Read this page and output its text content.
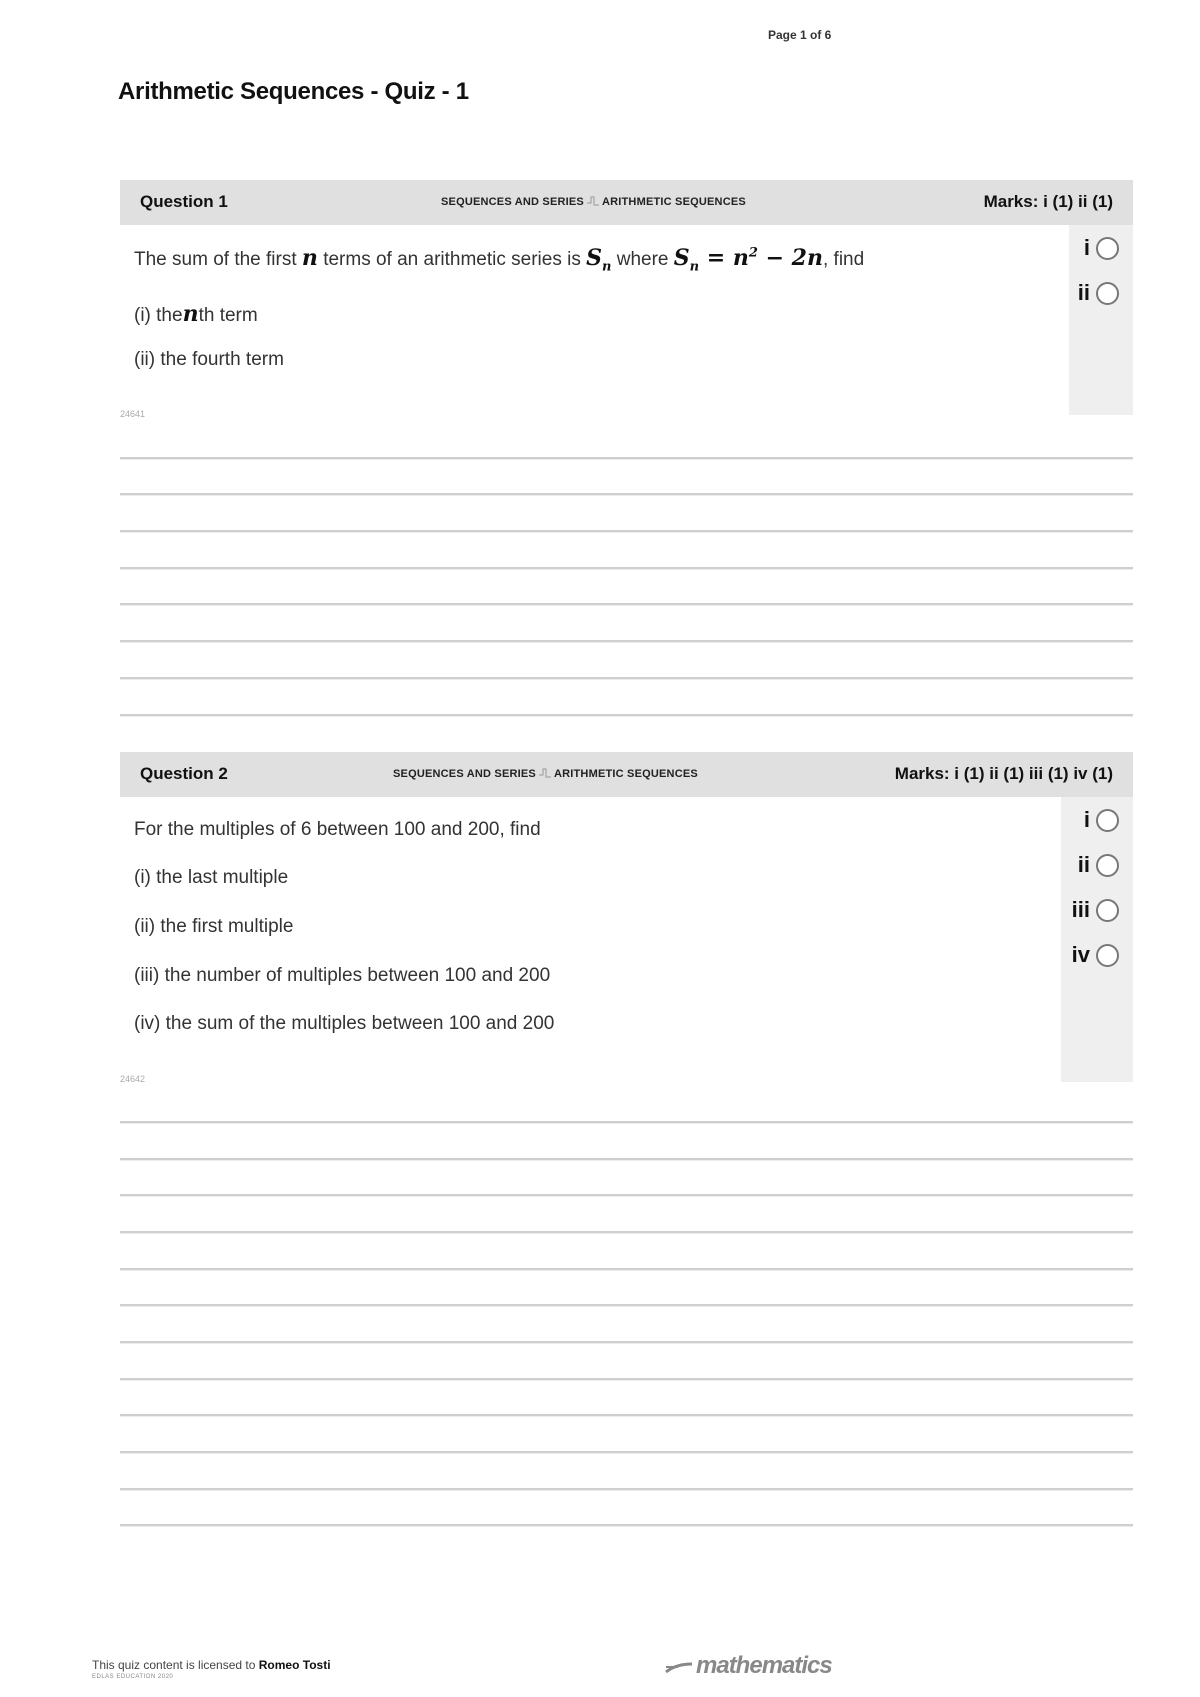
Page 1 of 6
Arithmetic Sequences - Quiz - 1
Question 1	SEQUENCES AND SERIES ARITHMETIC SEQUENCES	Marks: i (1) ii (1)
i
ii
The sum of the first n terms of an arithmetic series is $S_n$ where $S_n = n^2 - 2n$, find
(i) thenth term
(ii) the fourth term
24641
Question 2	SEQUENCES AND SERIES ARITHMETIC SEQUENCES	Marks: i (1) ii (1) iii (1) iv (1)
i
ii
iii
iv
For the multiples of 6 between 100 and 200, find
(i) the last multiple
(ii) the first multiple
(iii) the number of multiples between 100 and 200
(iv) the sum of the multiples between 100 and 200
24642
This quiz content is licensed to Romeo Tosti
EDLAS EDUCATION 2020	mathematics
